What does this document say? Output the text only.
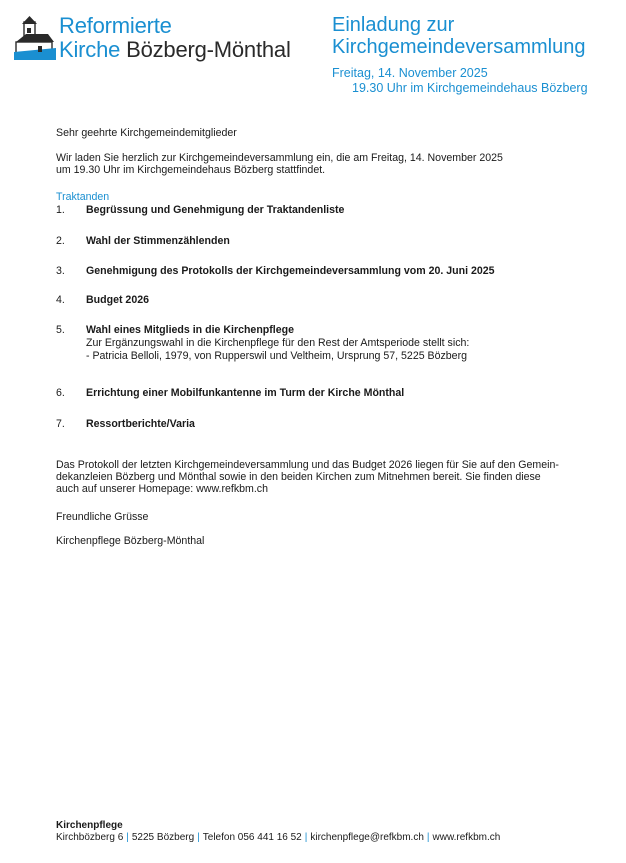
Reformierte
Kirche Bözberg-Mönthal
Einladung zur
Kirchgemeindeversammlung
Freitag, 14. November 2025
19.30 Uhr im Kirchgemeindehaus Bözberg
Sehr geehrte Kirchgemeindemitglieder
Wir laden Sie herzlich zur Kirchgemeindeversammlung ein, die am Freitag, 14. November 2025
um 19.30 Uhr im Kirchgemeindehaus Bözberg stattfindet.
Traktanden
1.	Begrüssung und Genehmigung der Traktandenliste
2.	Wahl der Stimmenzählenden
3.	Genehmigung des Protokolls der Kirchgemeindeversammlung vom 20. Juni 2025
4.	Budget 2026
5.	Wahl eines Mitglieds in die Kirchenpflege
Zur Ergänzungswahl in die Kirchenpflege für den Rest der Amtsperiode stellt sich:
- Patricia Belloli, 1979, von Rupperswil und Veltheim, Ursprung 57, 5225 Bözberg
6.	Errichtung einer Mobilfunkantenne im Turm der Kirche Mönthal
7.	Ressortberichte/Varia
Das Protokoll der letzten Kirchgemeindeversammlung und das Budget 2026 liegen für Sie auf den Gemein-
dekanzleien Bözberg und Mönthal sowie in den beiden Kirchen zum Mitnehmen bereit. Sie finden diese
auch auf unserer Homepage: www.refkbm.ch
Freundliche Grüsse
Kirchenpflege Bözberg-Mönthal
Kirchenpflege
Kirchbözberg 6 | 5225 Bözberg | Telefon 056 441 16 52 | kirchenpflege@refkbm.ch | www.refkbm.ch
